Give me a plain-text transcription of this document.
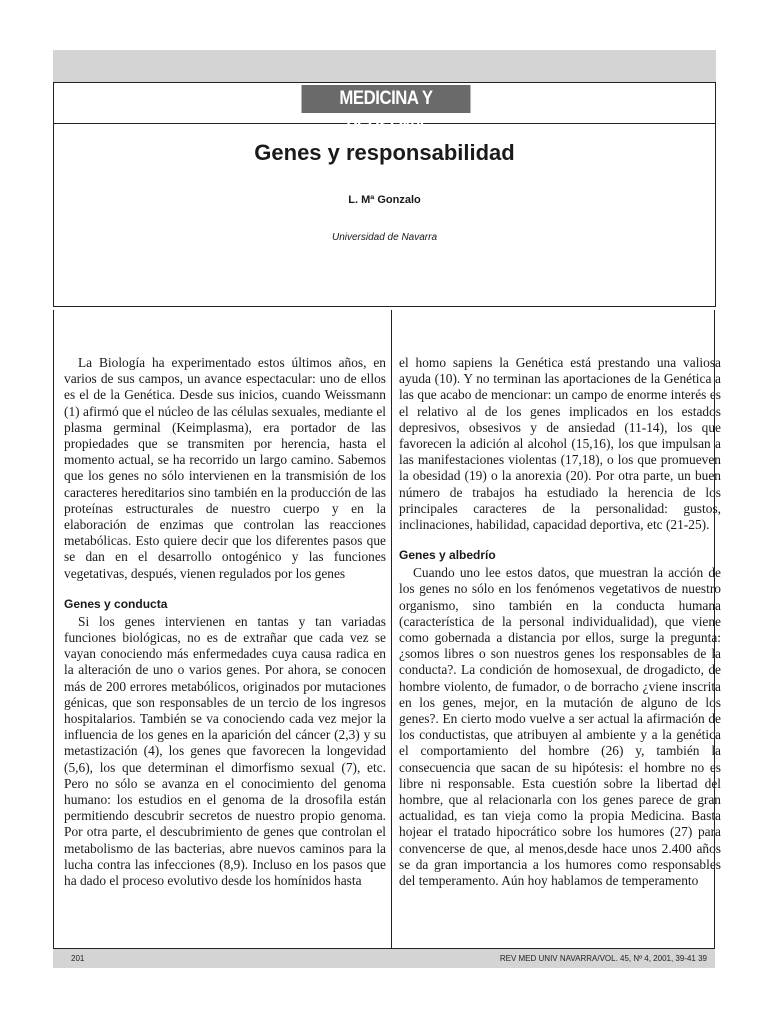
MEDICINA Y PERSONA
Genes y responsabilidad
L. Mª Gonzalo
Universidad de Navarra

La Biología ha experimentado estos últimos años, en varios de sus campos, un avance espectacular: uno de ellos es el de la Genética. Desde sus inicios, cuando Weissmann (1) afirmó que el núcleo de las células sexuales, mediante el plasma germinal (Keimplasma), era portador de las propiedades que se transmiten por herencia, hasta el momento actual, se ha recorrido un largo camino. Sabemos que los genes no sólo intervienen en la transmisión de los caracteres hereditarios sino también en la producción de las proteínas estructurales de nuestro cuerpo y en la elaboración de enzimas que controlan las reacciones metabólicas. Esto quiere decir que los diferentes pasos que se dan en el desarrollo ontogénico y las funciones vegetativas, después, vienen regulados por los genes

Genes y conducta

Si los genes intervienen en tantas y tan variadas funciones biológicas, no es de extrañar que cada vez se vayan conociendo más enfermedades cuya causa radica en la alteración de uno o varios genes. Por ahora, se conocen más de 200 errores metabólicos, originados por mutaciones génicas, que son responsables de un tercio de los ingresos hospitalarios. También se va conociendo cada vez mejor la influencia de los genes en la aparición del cáncer (2,3) y su metastización (4), los genes que favorecen la longevidad (5,6), los que determinan el dimorfismo sexual (7), etc. Pero no sólo se avanza en el conocimiento del genoma humano: los estudios en el genoma de la drosofila están permitiendo descubrir secretos de nuestro propio genoma. Por otra parte, el descubrimiento de genes que controlan el metabolismo de las bacterias, abre nuevos caminos para la lucha contra las infecciones (8,9). Incluso en los pasos que ha dado el proceso evolutivo desde los homínidos hasta

el homo sapiens la Genética está prestando una valiosa ayuda (10). Y no terminan las aportaciones de la Genética a las que acabo de mencionar: un campo de enorme interés es el relativo al de los genes implicados en los estados depresivos, obsesivos y de ansiedad (11-14), los que favorecen la adición al alcohol (15,16), los que impulsan a las manifestaciones violentas (17,18), o los que promueven la obesidad (19) o la anorexia (20). Por otra parte, un buen número de trabajos ha estudiado la herencia de los principales caracteres de la personalidad: gustos, inclinaciones, habilidad, capacidad deportiva, etc (21-25).

Genes y albedrío

Cuando uno lee estos datos, que muestran la acción de los genes no sólo en los fenómenos vegetativos de nuestro organismo, sino también en la conducta humana (característica de la personal individualidad), que viene como gobernada a distancia por ellos, surge la pregunta: ¿somos libres o son nuestros genes los responsables de la conducta?. La condición de homosexual, de drogadicto, de hombre violento, de fumador, o de borracho ¿viene inscrita en los genes, mejor, en la mutación de alguno de los genes?. En cierto modo vuelve a ser actual la afirmación de los conductistas, que atribuyen al ambiente y a la genética el comportamiento del hombre (26) y, también la consecuencia que sacan de su hipótesis: el hombre no es libre ni responsable. Esta cuestión sobre la libertad del hombre, que al relacionarla con los genes parece de gran actualidad, es tan vieja como la propia Medicina. Basta hojear el tratado hipocrático sobre los humores (27) para convencerse de que, al menos,desde hace unos 2.400 años se da gran importancia a los humores como responsables del temperamento. Aún hoy hablamos de temperamento

201	REV MED UNIV NAVARRA/VOL. 45, Nº 4, 2001, 39-41 39
